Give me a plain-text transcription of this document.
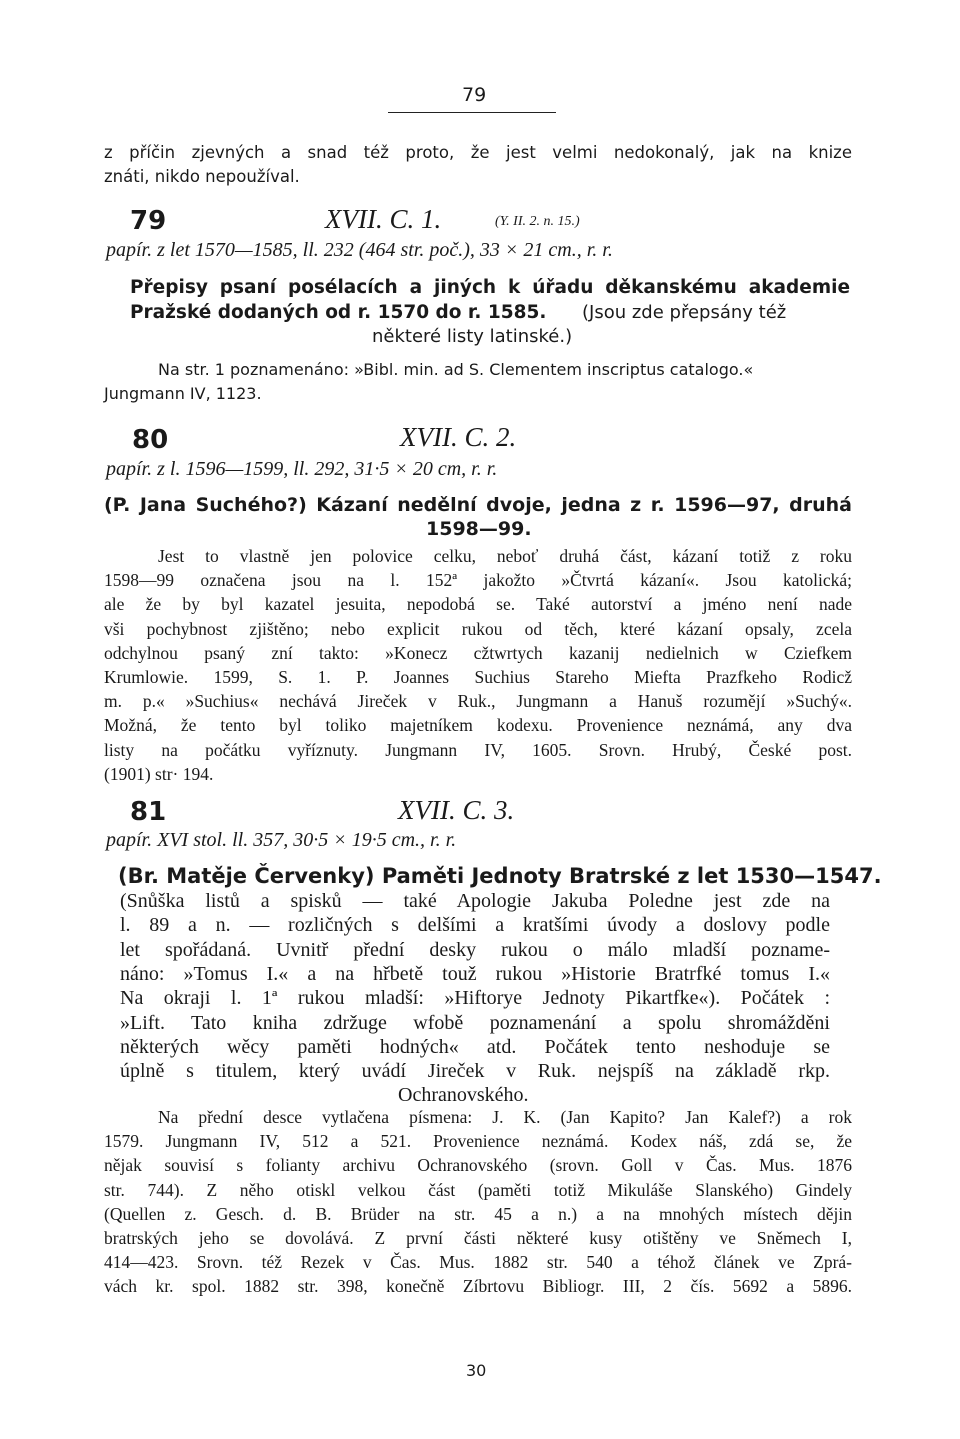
79
z příčin zjevných a snad též proto, že jest velmi nedokonalý, jak na knize
znáti, nikdo nepoužíval.
79	XVII. C. 1.	(Y. II. 2. n. 15.)
papír. z let 1570—1585, ll. 232 (464 str. poč.), 33 × 21 cm., r. r.
Přepisy psaní posélacích a jiných k úřadu děkanskému akademie
Pražské dodaných od r. 1570 do r. 1585. (Jsou zde přepsány též
některé listy latinské.)
Na str. 1 poznamenáno: »Bibl. min. ad S. Clementem inscriptus catalogo.«
Jungmann IV, 1123.
80	XVII. C. 2.
papír. z l. 1596—1599, ll. 292, 31·5 × 20 cm, r. r.
(P. Jana Suchého?) Kázaní nedělní dvoje, jedna z r. 1596—97, druhá
1598—99.
Jest to vlastně jen polovice celku, neboť druhá část, kázaní totiž z roku
1598—99 označena jsou na l. 152ª jakožto »Čtvrtá kázaní«. Jsou katolická;
ale že by byl kazatel jesuita, nepodobá se. Také autorství a jméno není nade
vši pochybnost zjištěno; nebo explicit rukou od těch, které kázaní opsaly, zcela
odchylnou psaný zní takto: »Konecz cžtwrtych kazanij nedielnich w Cziefkem
Krumlowie. 1599, S. 1. P. Joannes Suchius Stareho Miefta Prazfkeho Rodicž
m. p.« »Suchius« nechává Jireček v Ruk., Jungmann a Hanuš rozumějí »Suchý«.
Možná, že tento byl toliko majetníkem kodexu. Provenience neznámá, any dva
listy na počátku vyříznuty. Jungmann IV, 1605. Srovn. Hrubý, České post.
(1901) str· 194.
81	XVII. C. 3.
papír. XVI stol. ll. 357, 30·5 × 19·5 cm., r. r.
(Br. Matěje Červenky) Paměti Jednoty Bratrské z let 1530—1547.
(Snůška listů a spisků — také Apologie Jakuba Poledne jest zde na
l. 89 a n. — rozličných s delšími a kratšími úvody a doslovy podle
let spořádaná. Uvnitř přední desky rukou o málo mladší poznamе-
náno: »Tomus I.« a na hřbetě touž rukou »Historie Bratrfké tomus I.«
Na okraji l. 1ª rukou mladší: »Hiftorye Jednoty Pikartfke«). Počátek :
»Lift. Tato kniha zdržuge wfobě poznamenání a spolu shromážděni
některých wěcy paměti hodných« atd. Počátek tento neshoduje se
úplně s titulem, který uvádí Jireček v Ruk. nejspíš na základě rkp.
Ochranovského.
Na přední desce vytlačena písmena: J. K. (Jan Kapito? Jan Kalef?) a rok
1579. Jungmann IV, 512 a 521. Provenience neznámá. Kodex náš, zdá se, že
nějak souvisí s folianty archivu Ochranovského (srovn. Goll v Čas. Mus. 1876
str. 744). Z něho otiskl velkou část (paměti totiž Mikuláše Slanského) Gindely
(Quellen z. Gesch. d. B. Brüder na str. 45 a n.) a na mnohých místech dějin
bratrských jeho se dovolává. Z první části některé kusy otištěny ve Sněmech I,
414—423. Srovn. též Rezek v Čas. Mus. 1882 str. 540 a téhož článek ve Zprá-
vách kr. spol. 1882 str. 398, konečně Zíbrtovu Bibliogr. III, 2 čís. 5692 a 5896.
30
